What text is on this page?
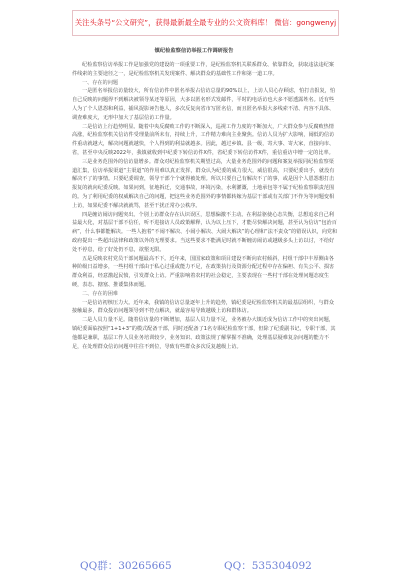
关注头条号“公文研究”，获得最新最全最专业的公文资料库！ 微信：gongwenyj
镇纪检监察信访举报工作调研报告

纪检监察信访举报工作是加强党的建设的一项重要工作，是纪检监察机关联系群众、依靠群众，获取违法违纪案件线索的主要途径之一，是纪检监察机关发现案件、解决群众的基础性工作和第一道工序。

一、存在的问题

一是匿名举报信访量较大，所有信访件中匿名举报占信访总量的90%以上，上访人员心存顾虑，怕打击报复，怕自己反映的问题得不到解决被领导某还等原因，大多以匿名形式发邮件，平时的电话访也大多不愿透露姓名。近有些人为了个人恩怨和利益，捕风捉影诬告他人，多次反复向省市写匿名信，而且匿名举报大多线索不清、内容不具体、调查难度大，无形中加大了基层信访工作量。

二是信访上行趋势明显。随着中央反腐败工作的不断深入，巡视工作力度的不断加大，广大群众参与反腐败热情高涨，纪检监察机关信访件受理量前所未有，持续上升，工作精力难向主业聚焦。信访人员为扩大影响，闹低的信访件重动就越大，解决问题就越快，个人得到的利益就越多。因此，越过乡镇、县一级，寄大事、寄大家，直接向市、省，甚至中央反映2022年，我镇就收到中纪委下转信访件X件，省纪委下转信访件X件，重信重访中增一定的比率。

三是业务范围外的信访量增多。群众对纪检监察机关期望过高，大量业务范围外的问题和案复举报同纪检监察渠道汇集，信访举报渠道“主渠道”的作用难以真正发挥，群众认为纪委的威力很大，威信很高，只要纪委出手，就没有解决不了的事情。只要纪委调查，领导干部个个就得被处理。所以只要自己有解决不了的事，或是因个人恩怨想打击报复的就向纪委反映。如果问到，征地拆迁，交通事故，环境污染，水利灌溉，土地承包等不属于纪检监察职责范围的。为了利用纪委的权威解决自己的问题，把这些业务范围外的事情都转嫁为基层干部或有关部门不作为等问题变相上访，如果纪委不解决就就骂，甚至干扰正常办公秩序。

四是缠访闹访问题突出。个别上访群众存在认识误区，思想偏激不主动。在利益驱使心态失衡，总想追求自己利益最大化，对基层干部不信任，听不进接访人员政策解释，认为以上压下，才能尽快解决问题，甚至认为信访“包治百病”，什么事都能解决。一些人抱着“不闹不解决、小闹小解决、大闹大解决”的心理和“法不责众”的错误认识，向党和政府提出一些超出法律和政策以外的无理要求。当这些要求不能满足时就不断缠访闹访或越级多头上访以讨，不给好处不停息，给了好处仍不息，欲壑无限。

五是反映农村党员干部问题最高不下。近年来，国国家政策和项目建设不断向农村倾斜，村组干部中丰厚侧由各种阶级日益增多，一些村组干部由于私心过重或能力不足，在政策执行及资源分配过程中存在偏袒、有失公平、损害群众利益，经意激起民愤，引发群众上访。严重影响着农村的社会稳定，主要表现在一些村干部在处理问题态度生硬，表态、搪塞、推诿集体而题。

二、存在的困难

一是信访初核压力大。近年来，我镇的信访总量逐年上升的趋势，镇纪委是纪检监察机关的最基层组织，与群众接触最多，群众投访问题领导到不符点解决，就最容易导致越级上访和群体访。

二是人员力量不足。随着信访量的不断增加，基层人员力量不足，业务被办大镇近成为信访工作中的突出问题，镇纪委面临按照“1+1+3”的模式配备干部，同时还配备了1名专职纪检监察干部，但除了纪委副书记，专职干部，其他都是兼职，基层工作人员业务培训较少，业务知识、政策法规了解掌握不准确，处理基层疑难复杂问题的能力不足，在处理群众信访问题中往往不到位，导致有些群众多次反复越级上访。

QQ群：30265665	QQ：535304092
